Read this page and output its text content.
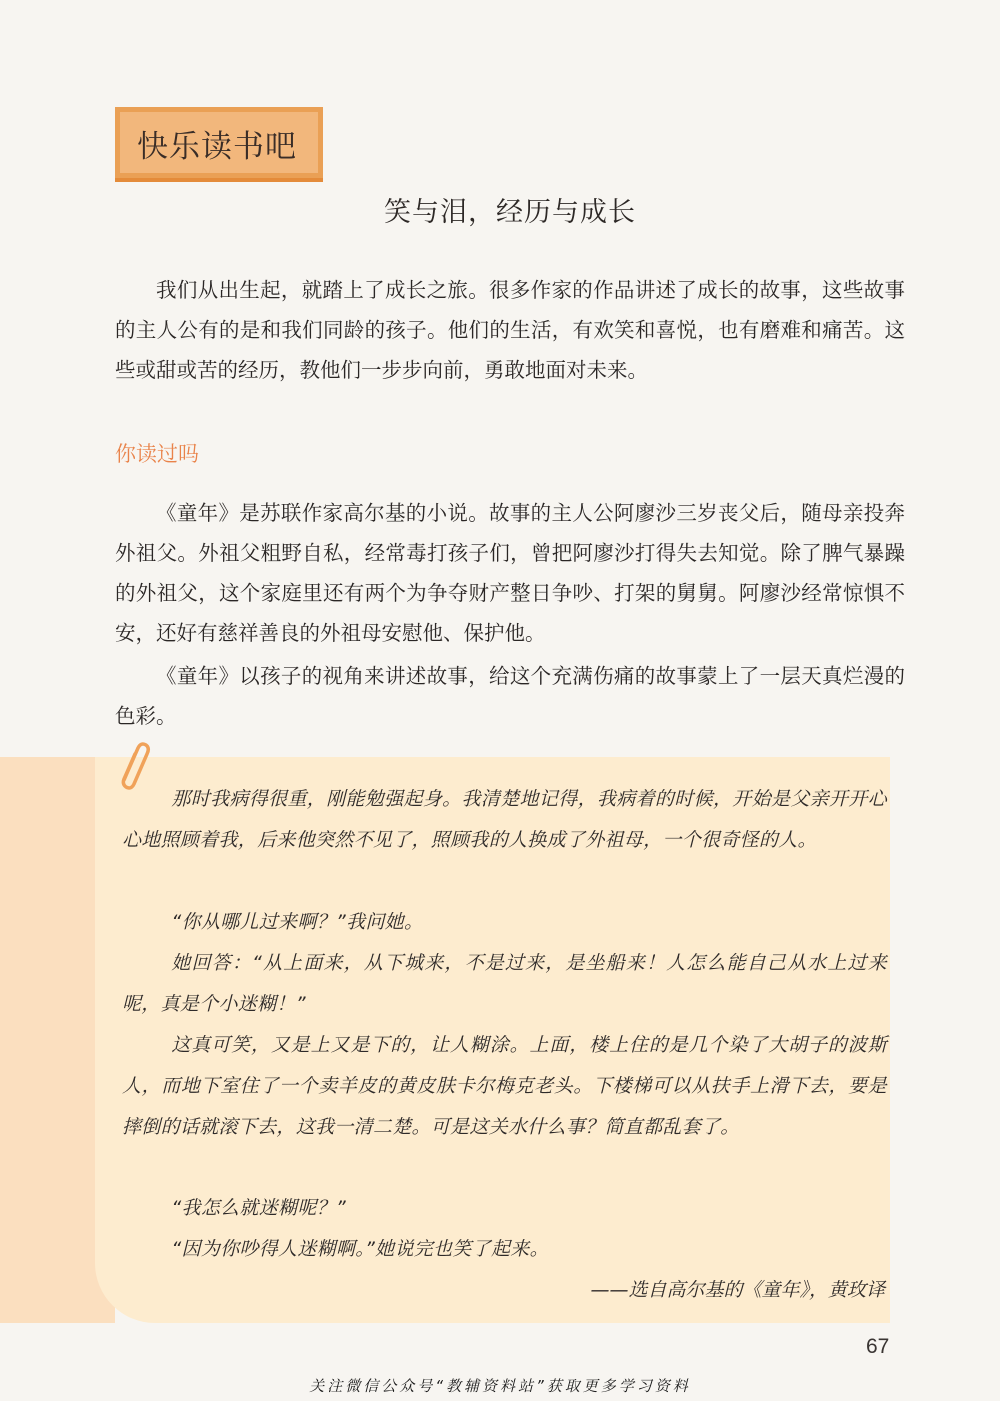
快乐读书吧
笑与泪，经历与成长

我们从出生起，就踏上了成长之旅。很多作家的作品讲述了成长的故事，这些故事的主人公有的是和我们同龄的孩子。他们的生活，有欢笑和喜悦，也有磨难和痛苦。这些或甜或苦的经历，教他们一步步向前，勇敢地面对未来。

你读过吗

《童年》是苏联作家高尔基的小说。故事的主人公阿廖沙三岁丧父后，随母亲投奔外祖父。外祖父粗野自私，经常毒打孩子们，曾把阿廖沙打得失去知觉。除了脾气暴躁的外祖父，这个家庭里还有两个为争夺财产整日争吵、打架的舅舅。阿廖沙经常惊惧不安，还好有慈祥善良的外祖母安慰他、保护他。

《童年》以孩子的视角来讲述故事，给这个充满伤痛的故事蒙上了一层天真烂漫的色彩。

那时我病得很重，刚能勉强起身。我清楚地记得，我病着的时候，开始是父亲开开心心地照顾着我，后来他突然不见了，照顾我的人换成了外祖母，一个很奇怪的人。

“你从哪儿过来啊？”我问她。

她回答：“从上面来，从下城来，不是过来，是坐船来！人怎么能自己从水上过来呢，真是个小迷糊！”

这真可笑，又是上又是下的，让人糊涂。上面，楼上住的是几个染了大胡子的波斯人，而地下室住了一个卖羊皮的黄皮肤卡尔梅克老头。下楼梯可以从扶手上滑下去，要是摔倒的话就滚下去，这我一清二楚。可是这关水什么事？简直都乱套了。

“我怎么就迷糊呢？”

“因为你吵得人迷糊啊。”她说完也笑了起来。

——选自高尔基的《童年》，黄玫译
67
关注微信公众号“教辅资料站”获取更多学习资料
